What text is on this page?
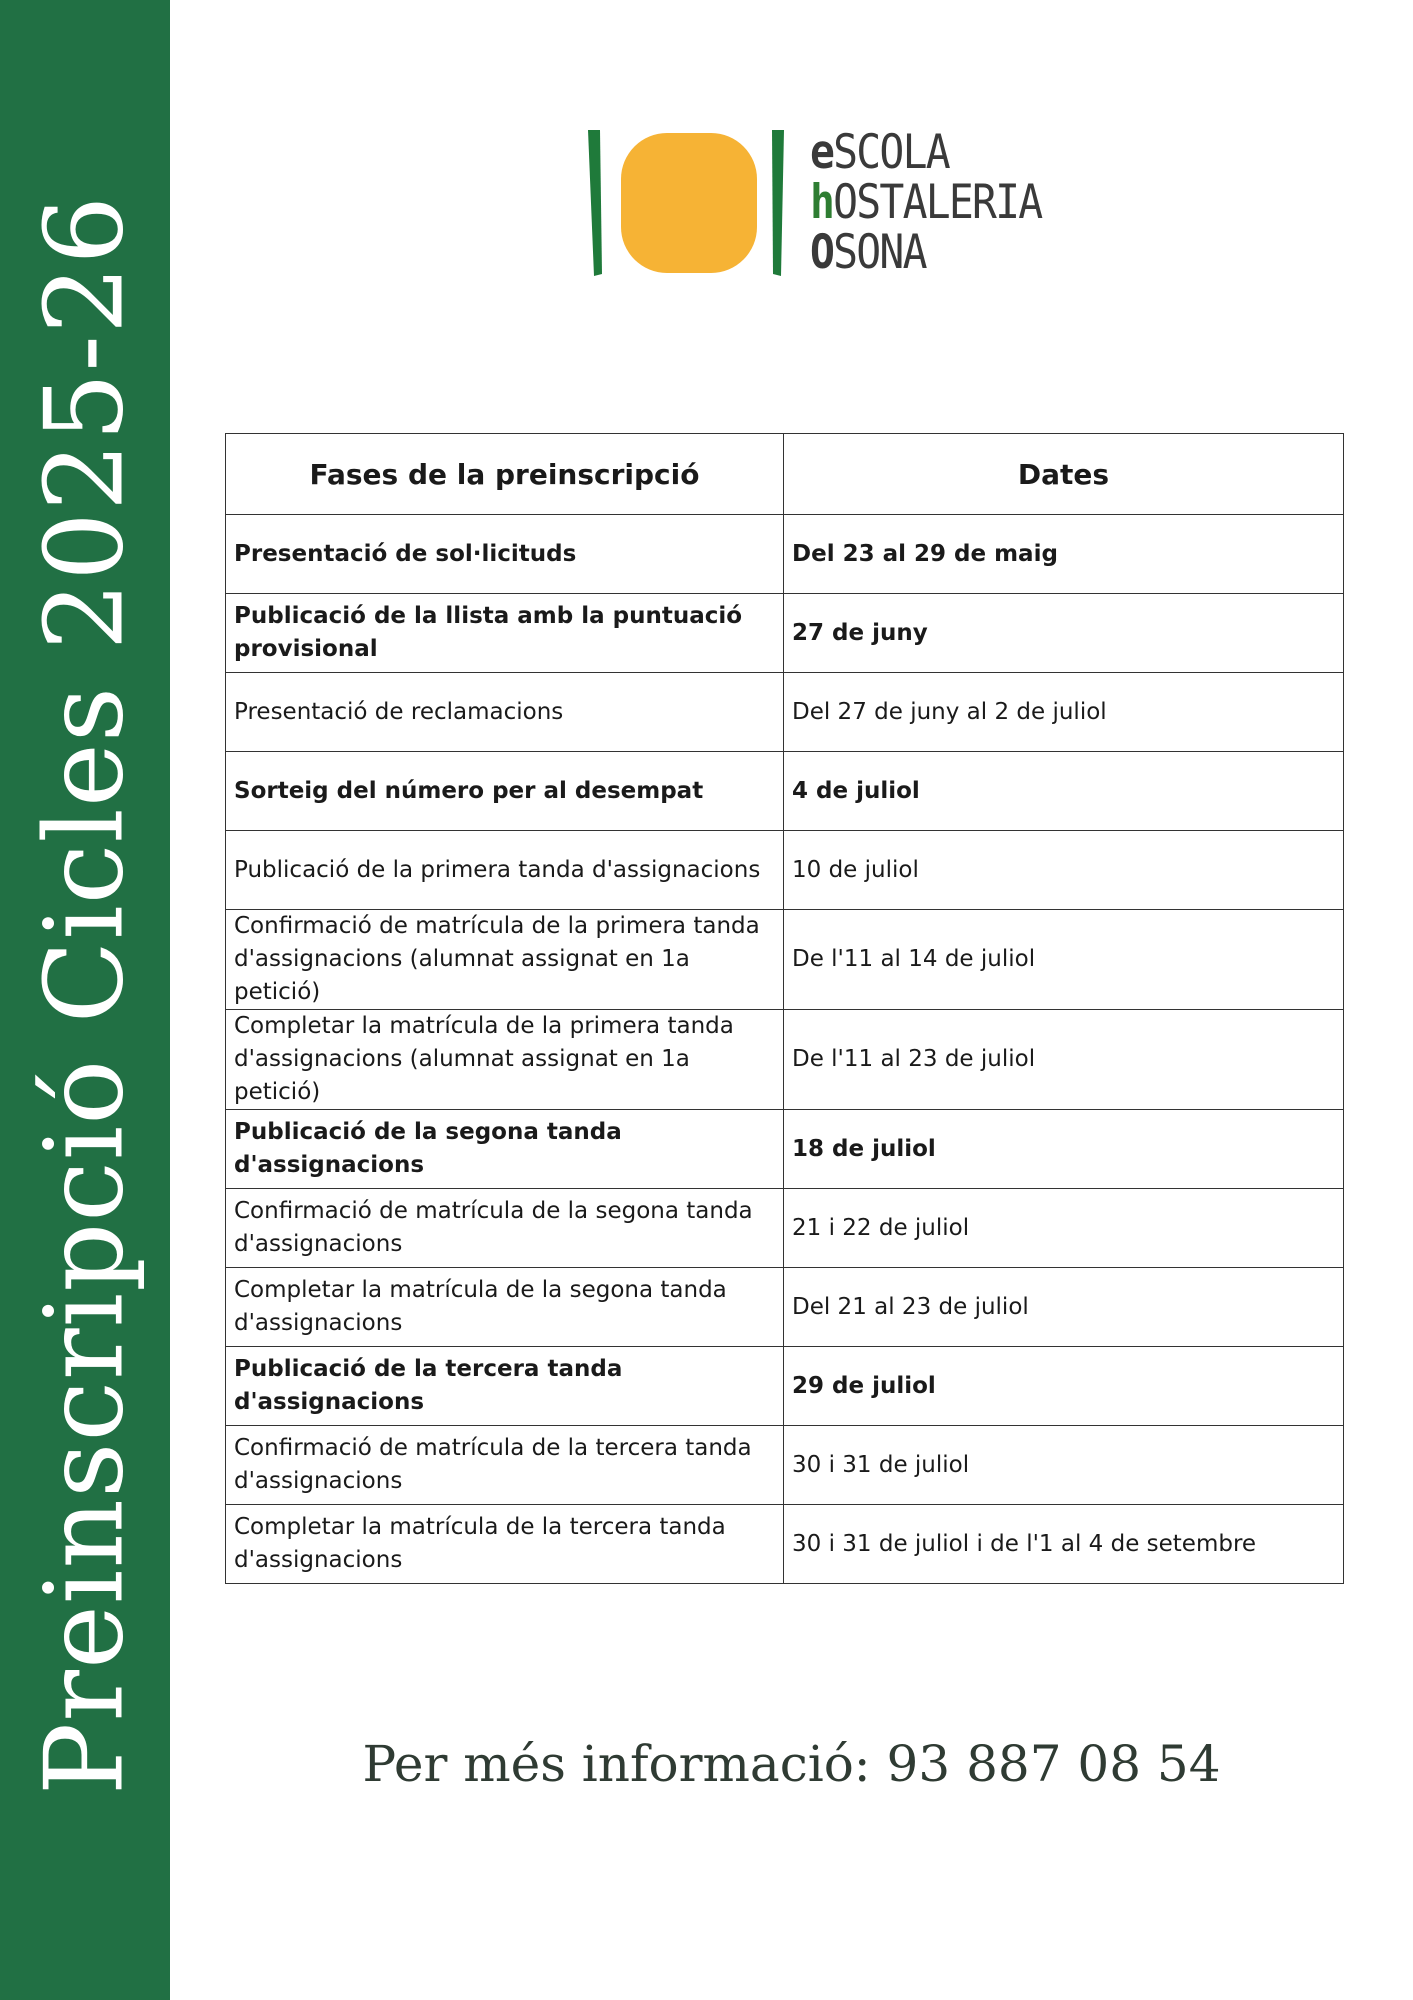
Preinscripció Cicles 2025-26
eSCOLA
hOSTALERIA
OSONA
Fases de la preinscripció	Dates
Presentació de sol·licituds	Del 23 al 29 de maig
Publicació de la llista amb la puntuació provisional	27 de juny
Presentació de reclamacions	Del 27 de juny al 2 de juliol
Sorteig del número per al desempat	4 de juliol
Publicació de la primera tanda d'assignacions	10 de juliol
Confirmació de matrícula de la primera tanda d'assignacions (alumnat assignat en 1a petició)	De l'11 al 14 de juliol
Completar la matrícula de la primera tanda d'assignacions (alumnat assignat en 1a petició)	De l'11 al 23 de juliol
Publicació de la segona tanda d'assignacions	18 de juliol
Confirmació de matrícula de la segona tanda d'assignacions	21 i 22 de juliol
Completar la matrícula de la segona tanda d'assignacions	Del 21 al 23 de juliol
Publicació de la tercera tanda d'assignacions	29 de juliol
Confirmació de matrícula de la tercera tanda d'assignacions	30 i 31 de juliol
Completar la matrícula de la tercera tanda d'assignacions	30 i 31 de juliol i de l'1 al 4 de setembre
Per més informació: 93 887 08 54
